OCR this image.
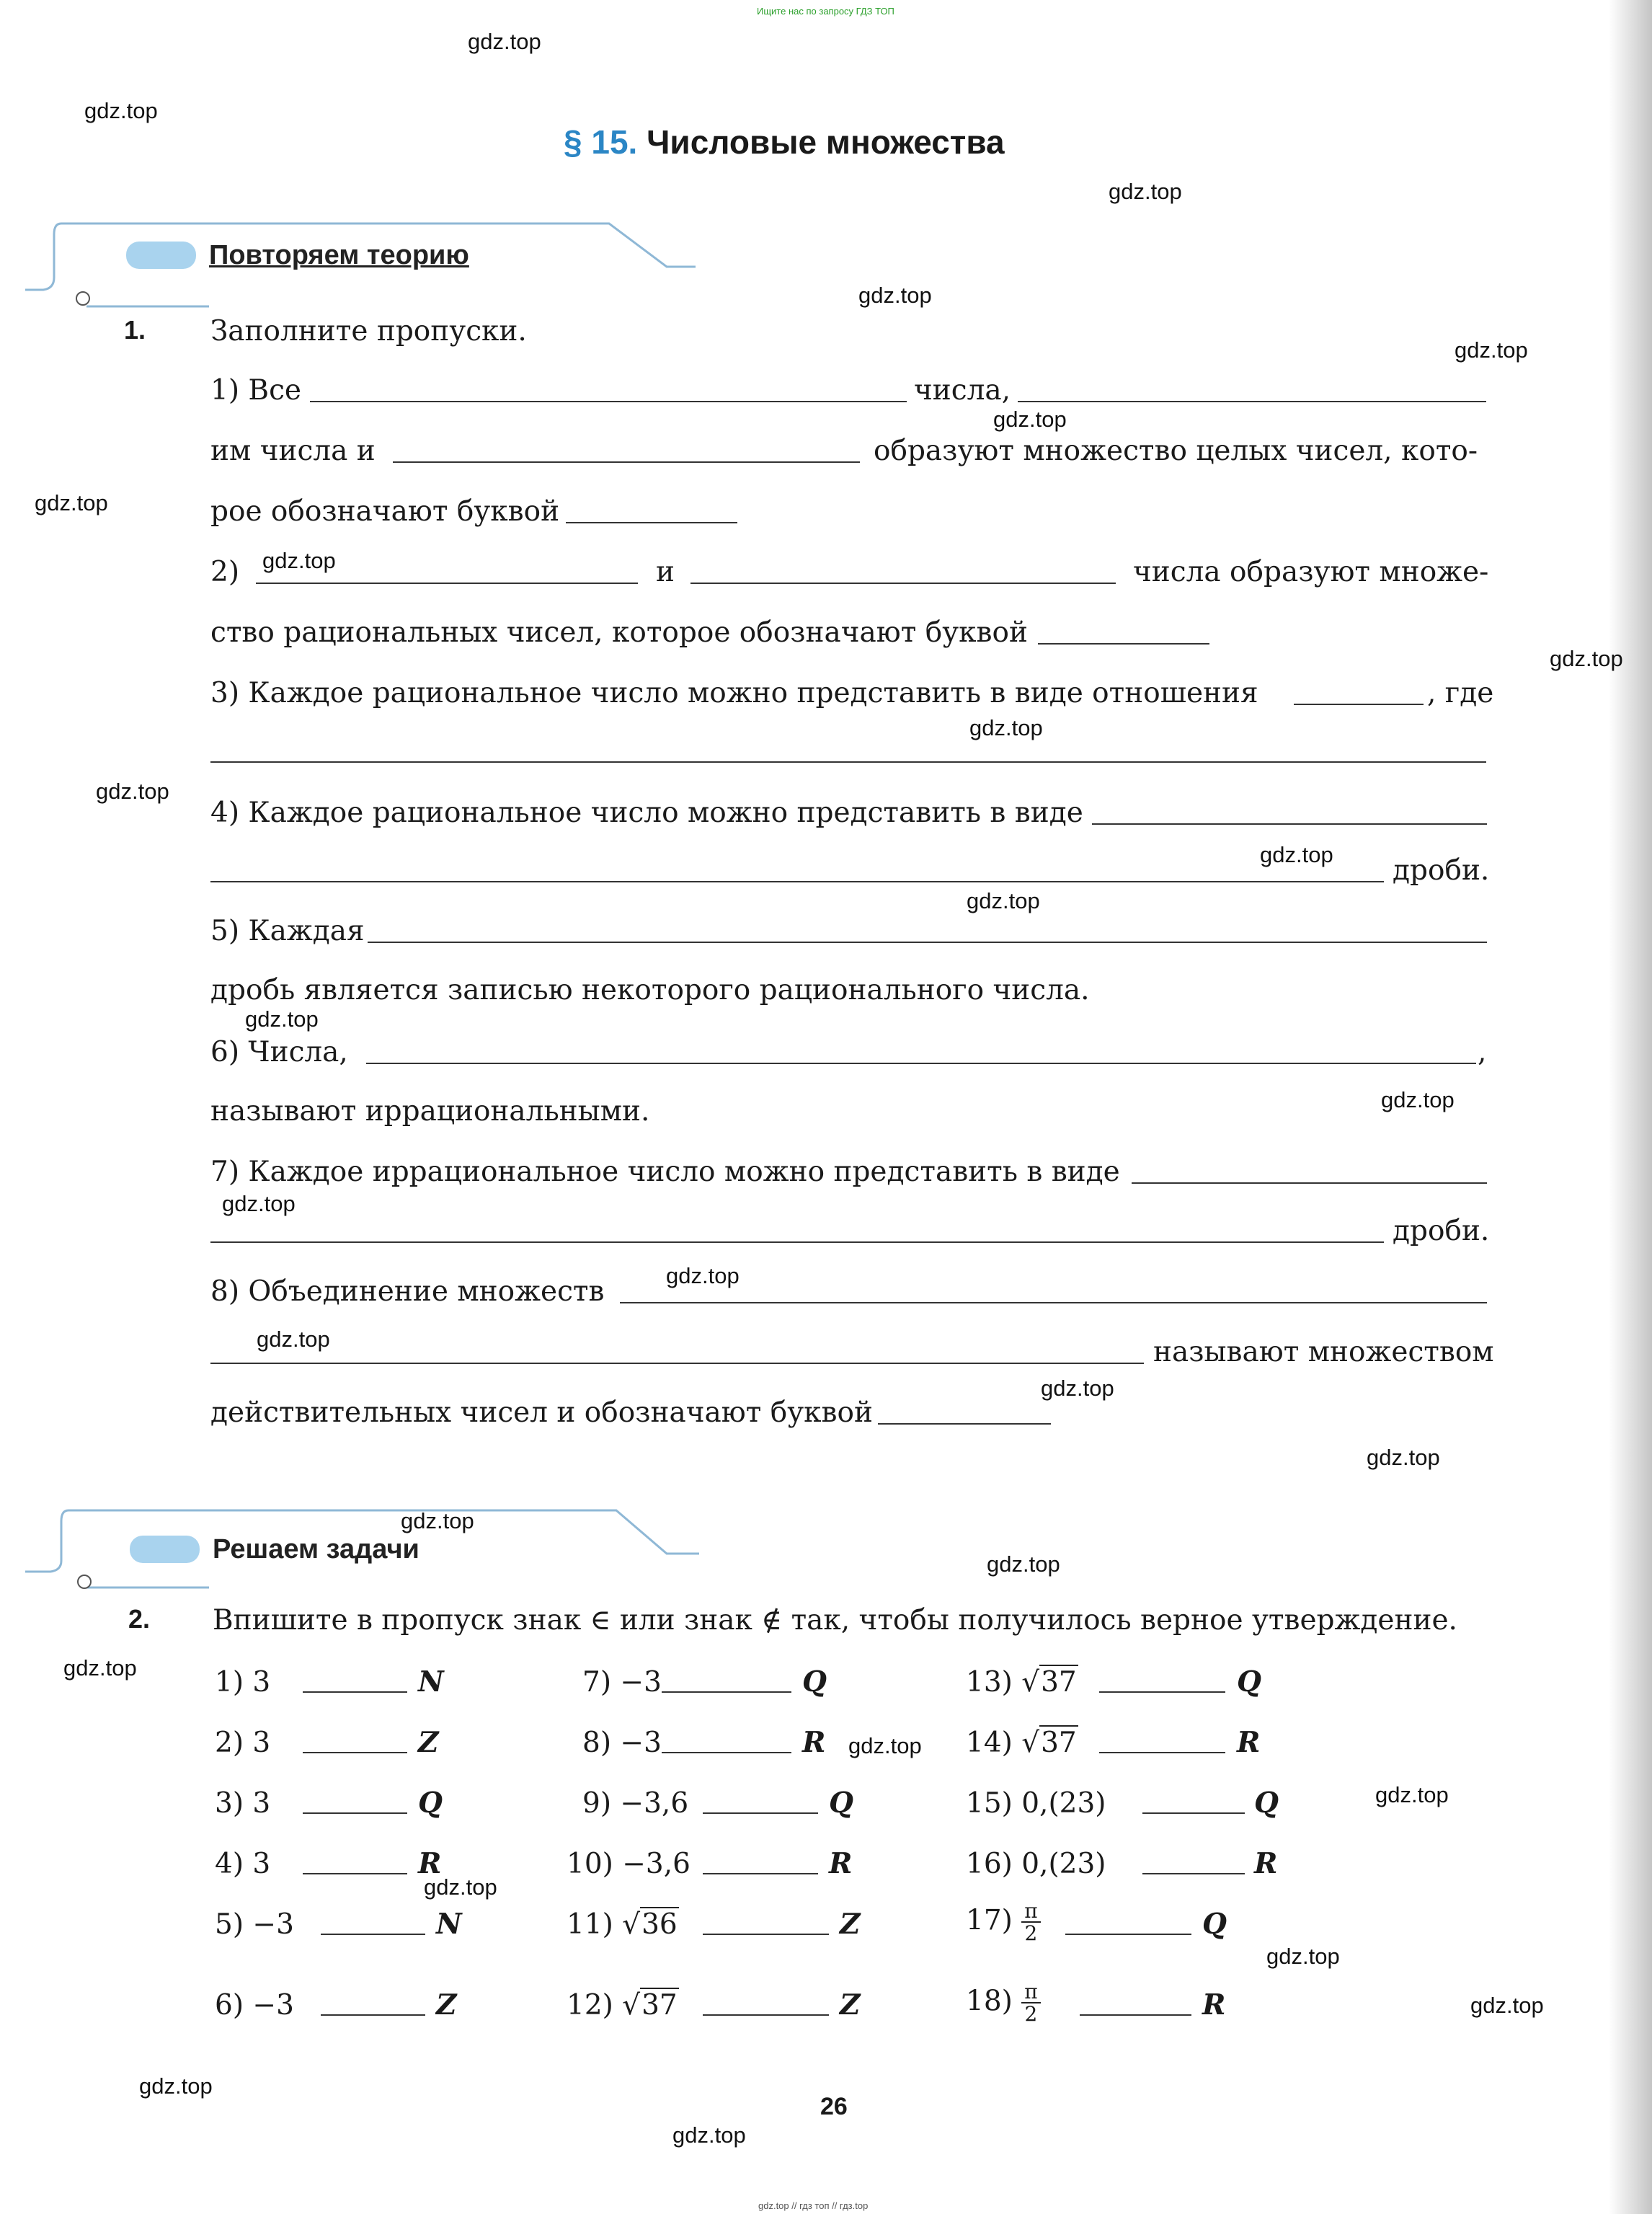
Ищите нас по запросу ГДЗ ТОП
gdz.top // гдз топ // гдз.top
§ 15. Числовые множества
Повторяем теорию
1. Заполните пропуски.
1) Все	числа,
им числа и	образуют множество целых чисел, кото-
рое обозначают буквой
2)	и	числа образуют множе-
ство рациональных чисел, которое обозначают буквой
3) Каждое рациональное число можно представить в виде отношения	, где
4) Каждое рациональное число можно представить в виде
дроби.
5) Каждая
дробь является записью некоторого рационального числа.
6) Числа,	,
называют иррациональными.
7) Каждое иррациональное число можно представить в виде
дроби.
8) Объединение множеств
называют множеством
действительных чисел и обозначают буквой
Решаем задачи
2. Впишите в пропуск знак ∈ или знак ∉ так, чтобы получилось верное утверждение.
1) 3	N
2) 3	Z
3) 3	Q
4) 3	R
5) −3	N
6) −3	Z
7) −3	Q
8) −3	R
9) −3,6	Q
10) −3,6	R
11) √36	Z
12) √37	Z
13) √37	Q
14) √37	R
15) 0,(23)	Q
16) 0,(23)	R
$17) \frac{\pi}{2}$	Q
$18) \frac{\pi}{2}$	R
26
gdz.top
gdz.top
gdz.top
gdz.top
gdz.top
gdz.top
gdz.top
gdz.top
gdz.top
gdz.top
gdz.top
gdz.top
gdz.top
gdz.top
gdz.top
gdz.top
gdz.top
gdz.top
gdz.top
gdz.top
gdz.top
gdz.top
gdz.top
gdz.top
gdz.top
gdz.top
gdz.top
gdz.top
gdz.top
gdz.top
